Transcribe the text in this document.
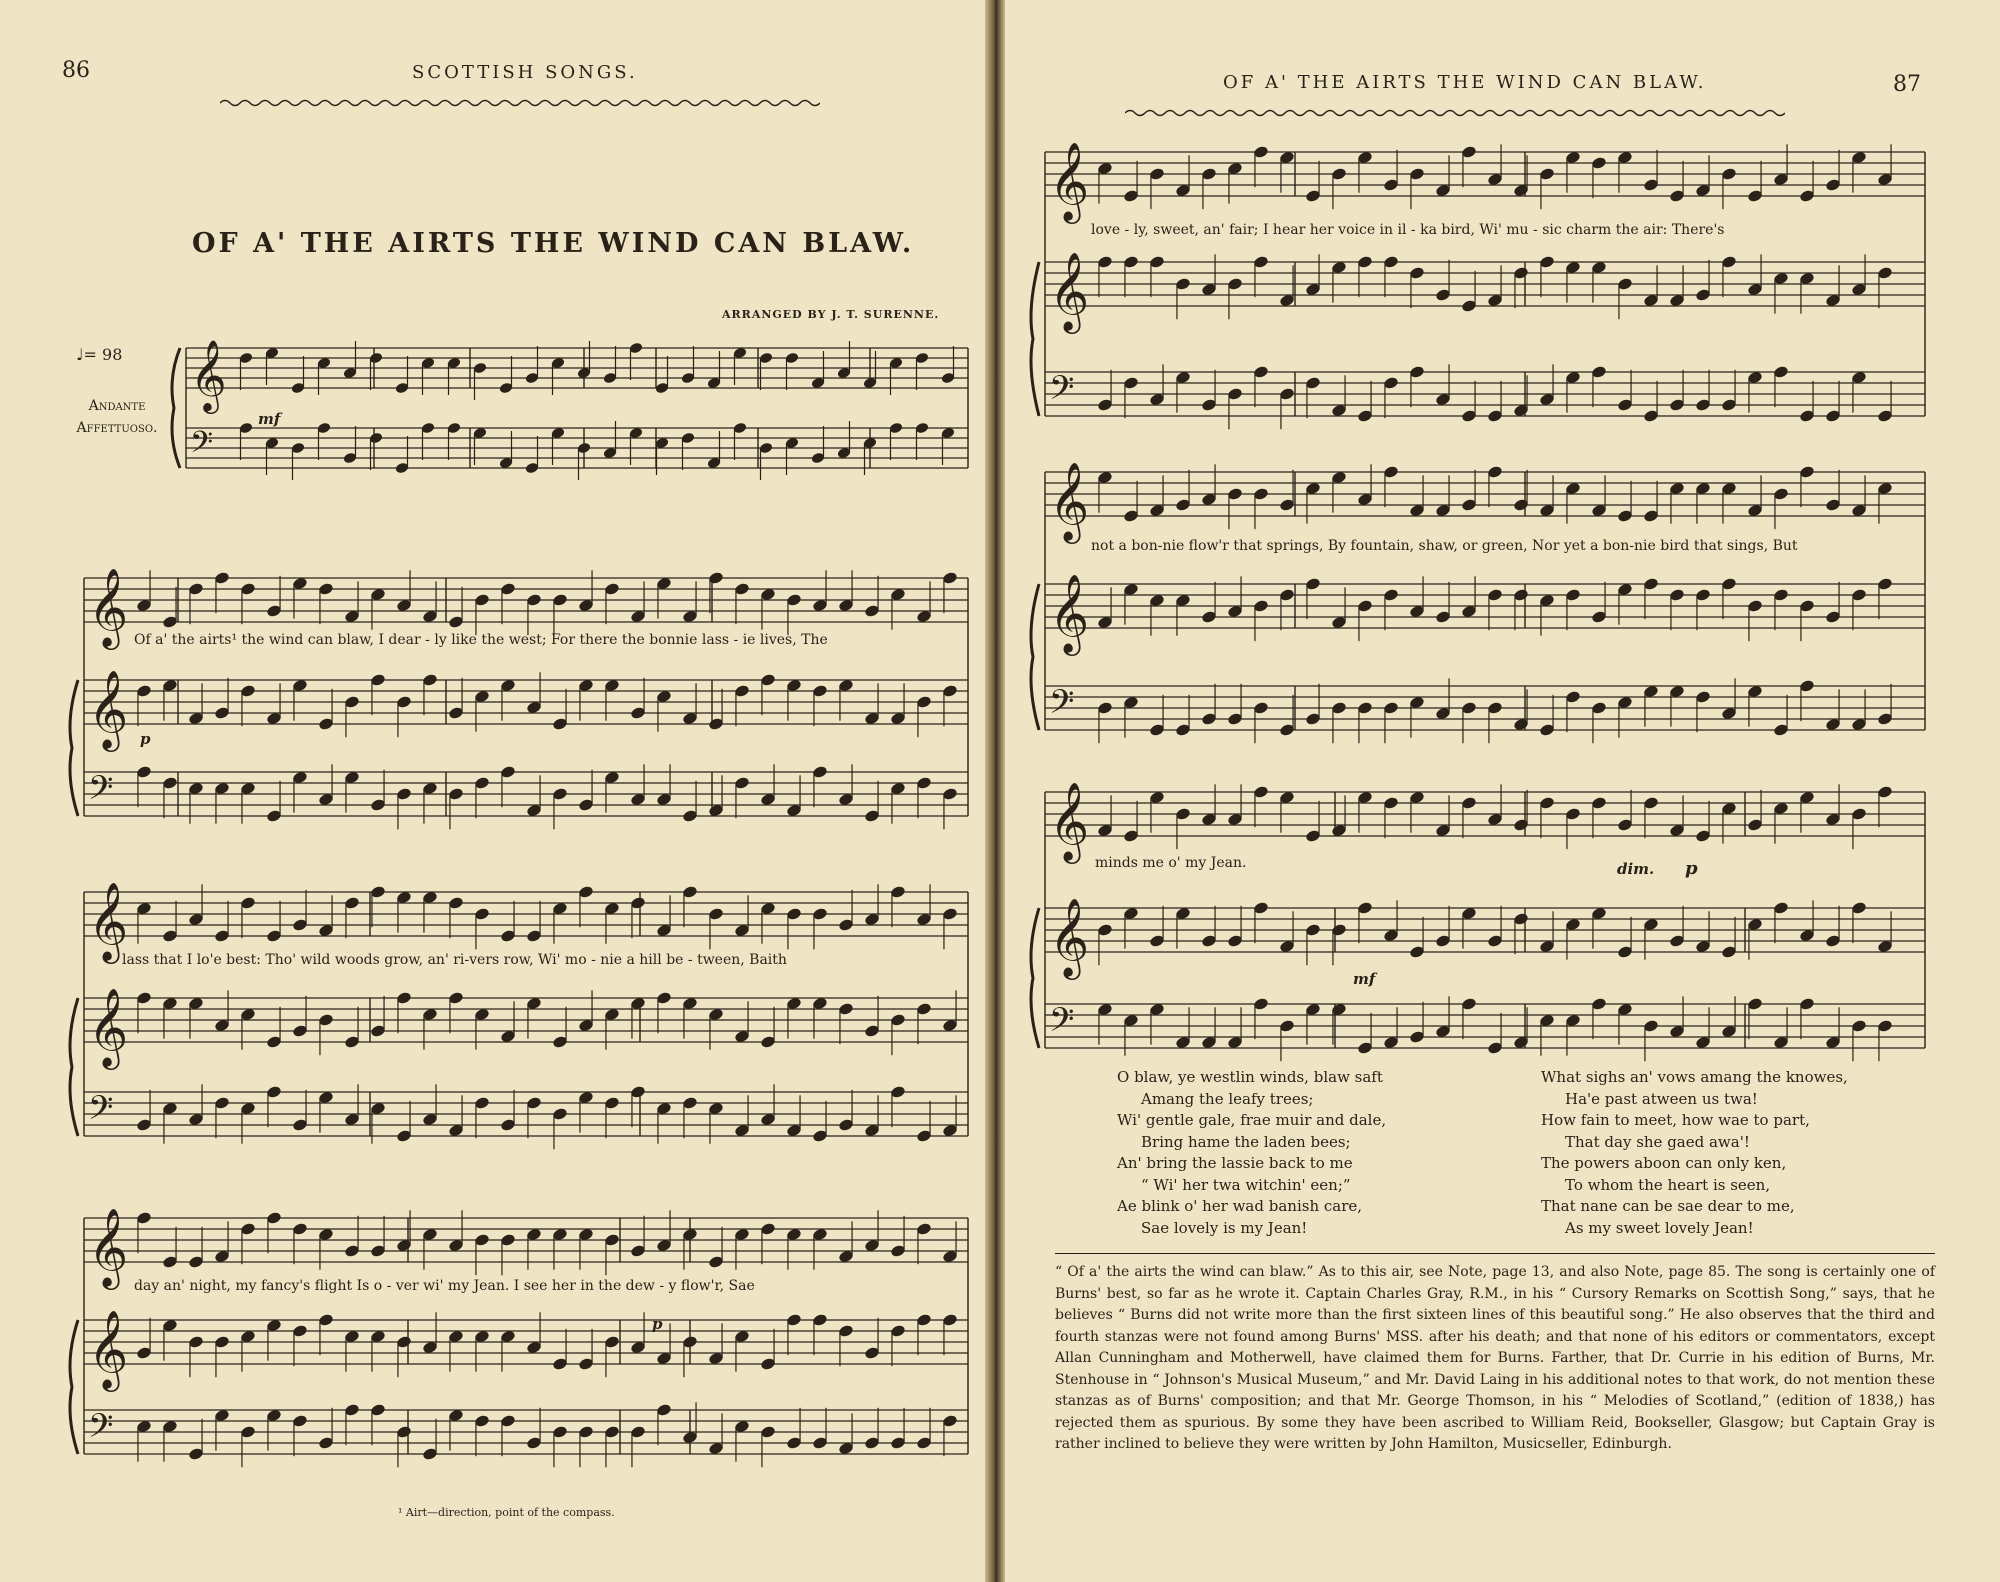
86	SCOTTISH SONGS.
OF A' THE AIRTS THE WIND CAN BLAW.
ARRANGED BY J. T. SURENNE.
♩= 98
Andante
Affettuoso.
𝄞
𝄢
𝄞
𝄞
𝄢
𝄞
𝄞
𝄢
𝄞
𝄞
𝄢
mf
p
p
Of a' the airts¹ the wind can blaw, I dear - ly like the west; For there the bonnie lass - ie lives, The
lass that I lo'e best: Tho' wild woods grow, an' ri-vers row, Wi' mo - nie a hill be - tween, Baith
day an' night, my fancy's flight Is o - ver wi' my Jean. I see her in the dew - y flow'r, Sae
¹ Airt—direction, point of the compass.
OF A' THE AIRTS THE WIND CAN BLAW.	87
𝄞
𝄞
𝄢
𝄞
𝄞
𝄢
𝄞
𝄞
𝄢
love - ly, sweet, an' fair; I hear her voice in il - ka bird, Wi' mu - sic charm the air: There's
not a bon-nie flow'r that springs, By fountain, shaw, or green, Nor yet a bon-nie bird that sings, But
minds me o' my Jean.
mf
dim. p
O blaw, ye westlin winds, blaw saft
Amang the leafy trees;
Wi' gentle gale, frae muir and dale,
Bring hame the laden bees;
An' bring the lassie back to me
“ Wi' her twa witchin' een;”
Ae blink o' her wad banish care,
Sae lovely is my Jean!
What sighs an' vows amang the knowes,
Ha'e past atween us twa!
How fain to meet, how wae to part,
That day she gaed awa'!
The powers aboon can only ken,
To whom the heart is seen,
That nane can be sae dear to me,
As my sweet lovely Jean!
“ Of a' the airts the wind can blaw.” As to this air, see Note, page 13, and also Note, page 85. The song is certainly one of Burns' best, so far as he wrote it. Captain Charles Gray, R.M., in his “ Cursory Remarks on Scottish Song,” says, that he believes “ Burns did not write more than the first sixteen lines of this beautiful song.” He also observes that the third and fourth stanzas were not found among Burns' MSS. after his death; and that none of his editors or commentators, except Allan Cunningham and Motherwell, have claimed them for Burns. Farther, that Dr. Currie in his edition of Burns, Mr. Stenhouse in “ Johnson's Musical Museum,” and Mr. David Laing in his additional notes to that work, do not mention these stanzas as of Burns' composition; and that Mr. George Thomson, in his “ Melodies of Scotland,” (edition of 1838,) has rejected them as spurious. By some they have been ascribed to William Reid, Bookseller, Glasgow; but Captain Gray is rather inclined to believe they were written by John Hamilton, Musicseller, Edinburgh.
